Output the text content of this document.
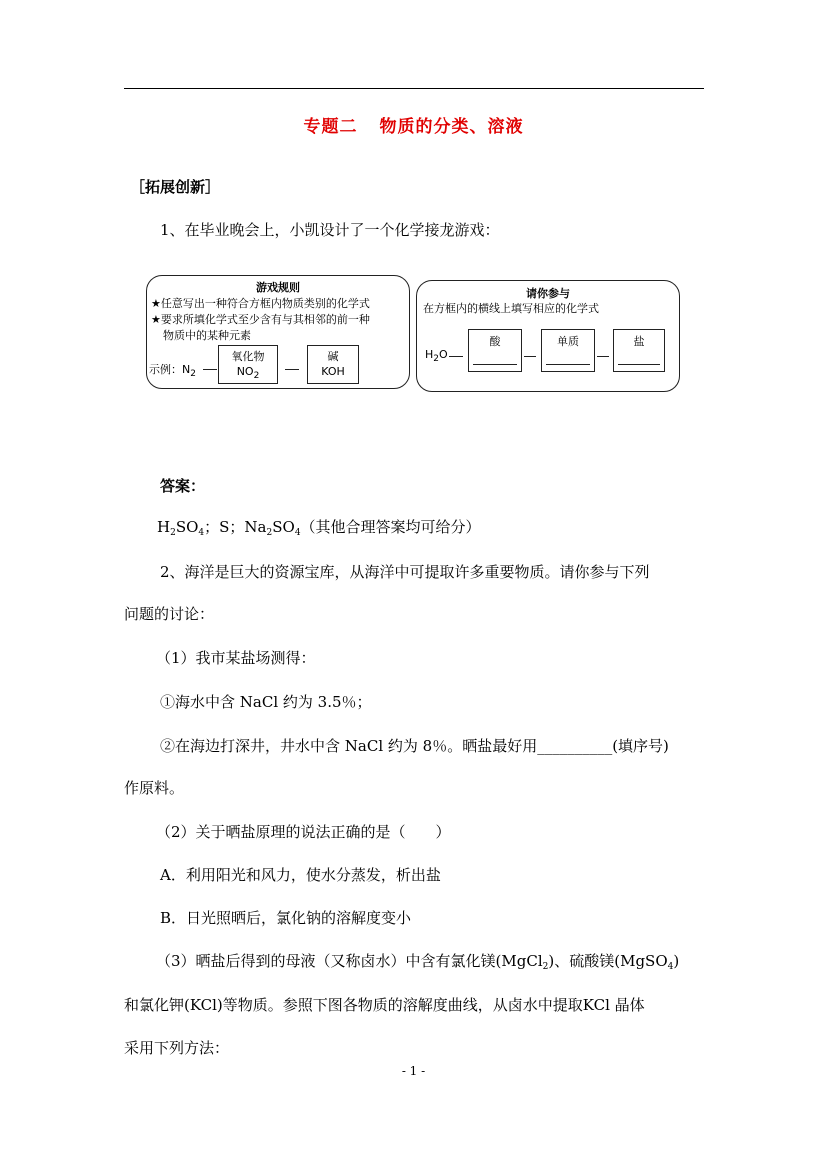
专题二 物质的分类、溶液
［拓展创新］
1、在毕业晚会上，小凯设计了一个化学接龙游戏：
游戏规则
★任意写出一种符合方框内物质类别的化学式
★要求所填化学式至少含有与其相邻的前一种
物质中的某种元素
示例：$N_2$
氧化物
$NO_2$
碱
KOH
请你参与
在方框内的横线上填写相应的化学式
$H_2O$
酸	单质	盐
答案：
$H_2SO_4$；S；$Na_2SO_4$（其他合理答案均可给分）
2、海洋是巨大的资源宝库，从海洋中可提取许多重要物质。请你参与下列
问题的讨论：
（1）我市某盐场测得：
①海水中含 NaCl 约为 3.5％；
②在海边打深井，井水中含 NaCl 约为 8％。晒盐最好用__________(填序号)
作原料。
（2）关于晒盐原理的说法正确的是（　　）
A．利用阳光和风力，使水分蒸发，析出盐
B．日光照晒后，氯化钠的溶解度变小
（3）晒盐后得到的母液（又称卤水）中含有氯化镁(MgCl$_2$)、硫酸镁(MgSO$_4$)
和氯化钾(KCl)等物质。参照下图各物质的溶解度曲线，从卤水中提取KCl 晶体
采用下列方法：
- 1 -
